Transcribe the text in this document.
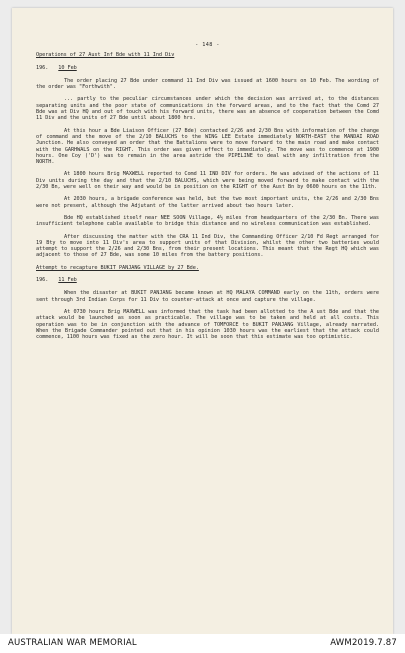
- 148 -
Operations of 27 Aust Inf Bde with 11 Ind Div
196. 10 Feb

The order placing 27 Bde under command 11 Ind Div was issued at 1600 hours on 10 Feb. The wording of the order was "Forthwith".

... partly to the peculiar circumstances under which the decision was arrived at, to the distances separating units and the poor state of communications in the forward areas, and to the fact that the Comd 27 Bde was at Div HQ and out of touch with his forward units, there was an absence of cooperation between the Comd 11 Div and the units of 27 Bde until about 1800 hrs.

At this hour a Bde Liaison Officer (27 Bde) contacted 2/26 and 2/30 Bns with information of the change of command and the move of the 2/10 BALUCHS to the WING LEE Estate immediately NORTH-EAST the MANDAI ROAD Junction. He also conveyed an order that the Battalions were to move forward to the main road and make contact with the GARHWALS on the RIGHT. This order was given effect to immediately. The move was to commence at 1900 hours. One Coy ('D') was to remain in the area astride the PIPELINE to deal with any infiltration from the NORTH.

At 1800 hours Brig MAXWELL reported to Comd 11 IND DIV for orders. He was advised of the actions of 11 Div units during the day and that the 2/10 BALUCHS, which were being moved forward to make contact with the 2/30 Bn, were well on their way and would be in position on the RIGHT of the Aust Bn by 0600 hours on the 11th.

At 2030 hours, a brigade conference was held, but the two most important units, the 2/26 and 2/30 Bns were not present, although the Adjutant of the latter arrived about two hours later.

Bde HQ established itself near NEE SOON Village, 4½ miles from headquarters of the 2/30 Bn. There was insufficient telephone cable available to bridge this distance and no wireless communication was established.

After discussing the matter with the CRA 11 Ind Div, the Commanding Officer 2/10 Fd Regt arranged for 19 Bty to move into 11 Div's area to support units of that Division, whilst the other two batteries would attempt to support the 2/26 and 2/30 Bns, from their present locations. This meant that the Regt HQ which was adjacent to those of 27 Bde, was some 10 miles from the battery positions.

Attempt to recapture BUKIT PANJANG VILLAGE by 27 Bde.
196. 11 Feb

When the disaster at BUKIT PANJANG became known at HQ MALAYA COMMAND early on the 11th, orders were sent through 3rd Indian Corps for 11 Div to counter-attack at once and capture the village.

At 0730 hours Brig MAXWELL was informed that the task had been allotted to the A ust Bde and that the attack would be launched as soon as practicable. The village was to be taken and held at all costs. This operation was to be in conjunction with the advance of TOMFORCE to BUKIT PANJANG Village, already narrated. When the Brigade Commander pointed out that in his opinion 1030 hours was the earliest that the attack could commence, 1100 hours was fixed as the zero hour. It will be soon that this estimate was too optimistic.

AUSTRALIAN WAR MEMORIAL	AWM2019.7.87
